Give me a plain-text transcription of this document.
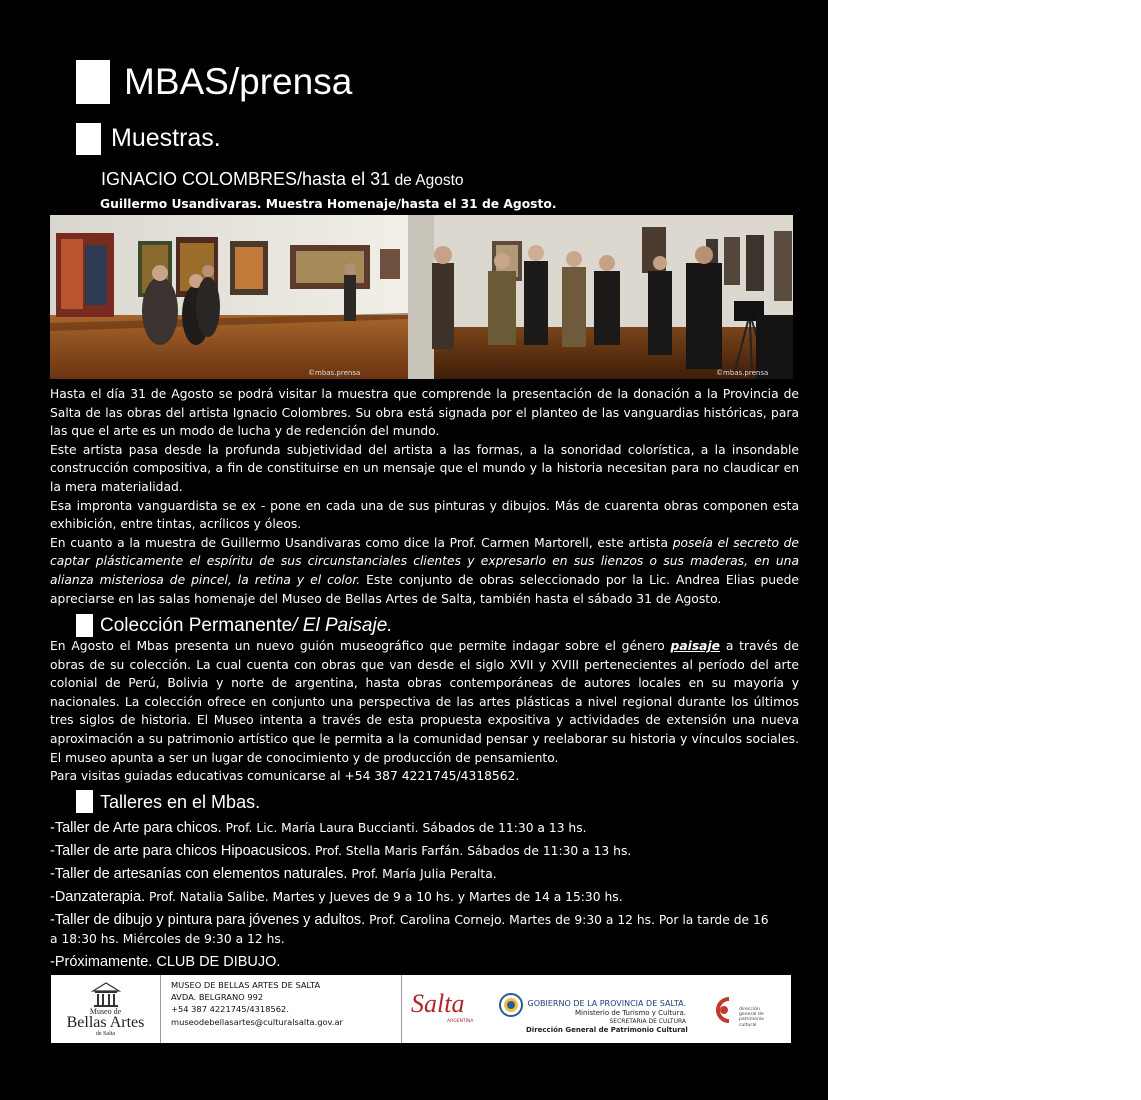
MBAS/prensa
Muestras.
IGNACIO COLOMBRES/hasta el 31 de Agosto
Guillermo Usandivaras. Muestra Homenaje/hasta el 31 de Agosto.
©mbas.prensa	©mbas.prensa

Hasta el día 31 de Agosto se podrá visitar la muestra que comprende la presentación de la donación a la Provincia de Salta de las obras del artista Ignacio Colombres. Su obra está signada por el planteo de las vanguardias históricas, para las que el arte es un modo de lucha y de redención del mundo.

Este artista pasa desde la profunda subjetividad del artista a las formas, a la sonoridad colorística, a la insondable construcción compositiva, a fin de constituirse en un mensaje que el mundo y la historia necesitan para no claudicar en la mera materialidad.

Esa impronta vanguardista se ex - pone en cada una de sus pinturas y dibujos. Más de cuarenta obras componen esta exhibición, entre tintas, acrílicos y óleos.

En cuanto a la muestra de Guillermo Usandivaras como dice la Prof. Carmen Martorell, este artista poseía el secreto de captar plásticamente el espíritu de sus circunstanciales clientes y expresarlo en sus lienzos o sus maderas, en una alianza misteriosa de pincel, la retina y el color. Este conjunto de obras seleccionado por la Lic. Andrea Elias puede apreciarse en las salas homenaje del Museo de Bellas Artes de Salta, también hasta el sábado 31 de Agosto.

Colección Permanente/ El Paisaje.

En Agosto el Mbas presenta un nuevo guión museográfico que permite indagar sobre el género paisaje a través de obras de su colección. La cual cuenta con obras que van desde el siglo XVII y XVIII pertenecientes al período del arte colonial de Perú, Bolivia y norte de argentina, hasta obras contemporáneas de autores locales en su mayoría y nacionales. La colección ofrece en conjunto una perspectiva de las artes plásticas a nivel regional durante los últimos tres siglos de historia. El Museo intenta a través de esta propuesta expositiva y actividades de extensión una nueva aproximación a su patrimonio artístico que le permita a la comunidad pensar y reelaborar su historia y vínculos sociales. El museo apunta a ser un lugar de conocimiento y de producción de pensamiento.

Para visitas guiadas educativas comunicarse al +54 387 4221745/4318562.

Talleres en el Mbas.
-Taller de Arte para chicos. Prof. Lic. María Laura Buccianti. Sábados de 11:30 a 13 hs.
-Taller de arte para chicos Hipoacusicos. Prof. Stella Maris Farfán. Sábados de 11:30 a 13 hs.
-Taller de artesanías con elementos naturales. Prof. María Julia Peralta.
-Danzaterapia. Prof. Natalia Salibe. Martes y Jueves de 9 a 10 hs. y Martes de 14 a 15:30 hs.
-Taller de dibujo y pintura para jóvenes y adultos. Prof. Carolina Cornejo. Martes de 9:30 a 12 hs. Por la tarde de 16
a 18:30 hs. Miércoles de 9:30 a 12 hs.
-Próximamente. CLUB DE DIBUJO.
Museo de
Bellas Artes
de Salta
MUSEO DE BELLAS ARTES DE SALTA
AVDA. BELGRANO 992
+54 387 4221745/4318562.
museodebellasartes@culturalsalta.gov.ar
Salta
ARGENTINA
GOBIERNO DE LA PROVINCIA DE SALTA.
Ministerio de Turismo y Cultura.
SECRETARIA DE CULTURA
Dirección General de Patrimonio Cultural
dirección
general de
patrimonio
cultural
